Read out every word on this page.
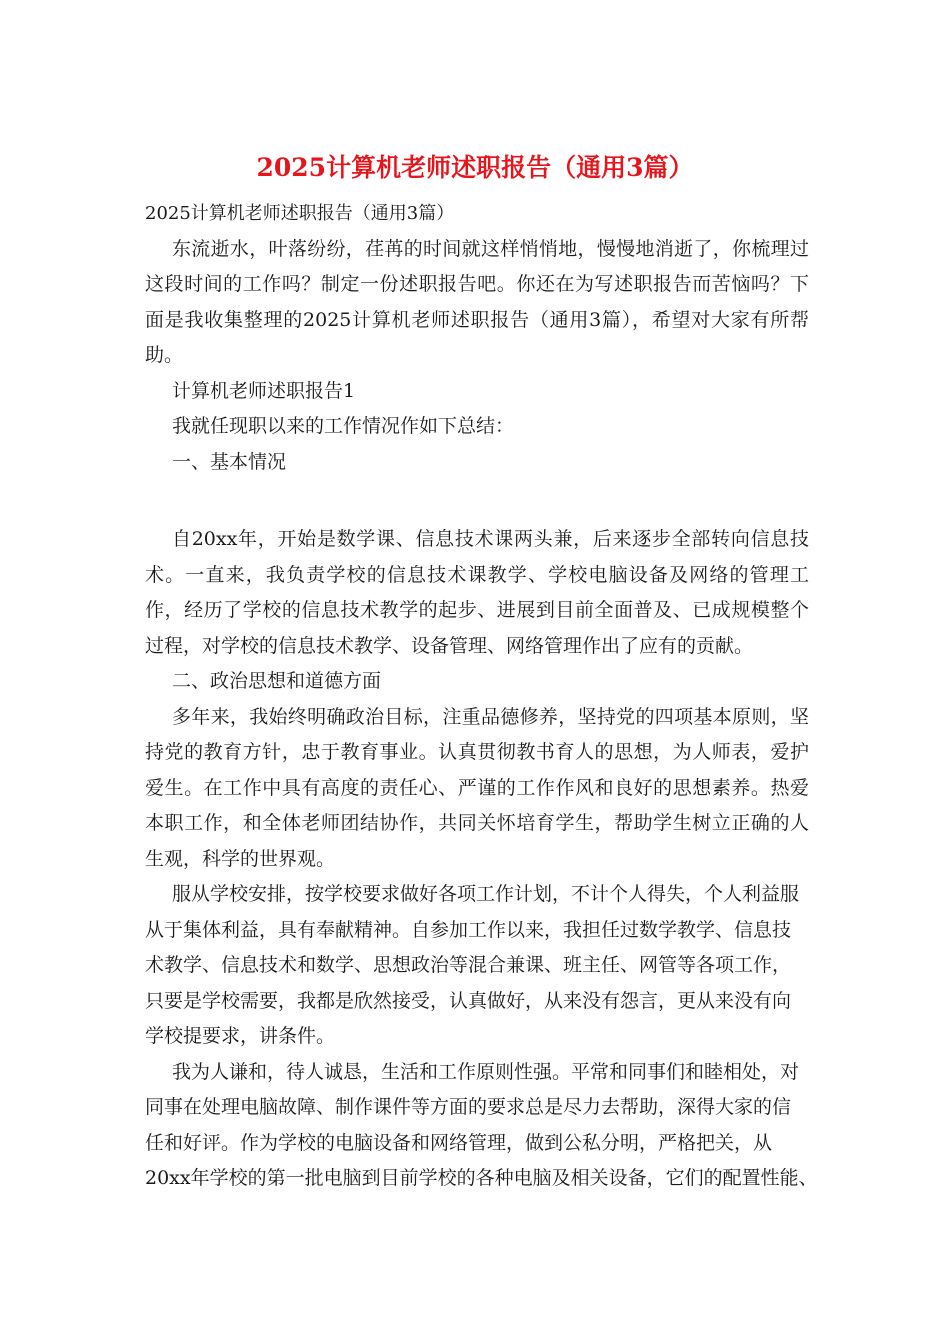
2025计算机老师述职报告（通用3篇）

2025计算机老师述职报告（通用3篇）

东流逝水，叶落纷纷，荏苒的时间就这样悄悄地，慢慢地消逝了，你梳理过这段时间的工作吗？制定一份述职报告吧。你还在为写述职报告而苦恼吗？下面是我收集整理的2025计算机老师述职报告（通用3篇），希望对大家有所帮助。

计算机老师述职报告1

我就任现职以来的工作情况作如下总结：

一、基本情况

自20xx年，开始是数学课、信息技术课两头兼，后来逐步全部转向信息技术。一直来，我负责学校的信息技术课教学、学校电脑设备及网络的管理工作，经历了学校的信息技术教学的起步、进展到目前全面普及、已成规模整个过程，对学校的信息技术教学、设备管理、网络管理作出了应有的贡献。

二、政治思想和道德方面

多年来，我始终明确政治目标，注重品德修养，坚持党的四项基本原则，坚持党的教育方针，忠于教育事业。认真贯彻教书育人的思想，为人师表，爱护爱生。在工作中具有高度的责任心、严谨的工作作风和良好的思想素养。热爱本职工作，和全体老师团结协作，共同关怀培育学生，帮助学生树立正确的人生观，科学的世界观。

服从学校安排，按学校要求做好各项工作计划，不计个人得失，个人利益服
从于集体利益，具有奉献精神。自参加工作以来，我担任过数学教学、信息技
术教学、信息技术和数学、思想政治等混合兼课、班主任、网管等各项工作，
只要是学校需要，我都是欣然接受，认真做好，从来没有怨言，更从来没有向
学校提要求，讲条件。
我为人谦和，待人诚恳，生活和工作原则性强。平常和同事们和睦相处，对
同事在处理电脑故障、制作课件等方面的要求总是尽力去帮助，深得大家的信
任和好评。作为学校的电脑设备和网络管理，做到公私分明，严格把关，从
20xx年学校的第一批电脑到目前学校的各种电脑及相关设备，它们的配置性能、
